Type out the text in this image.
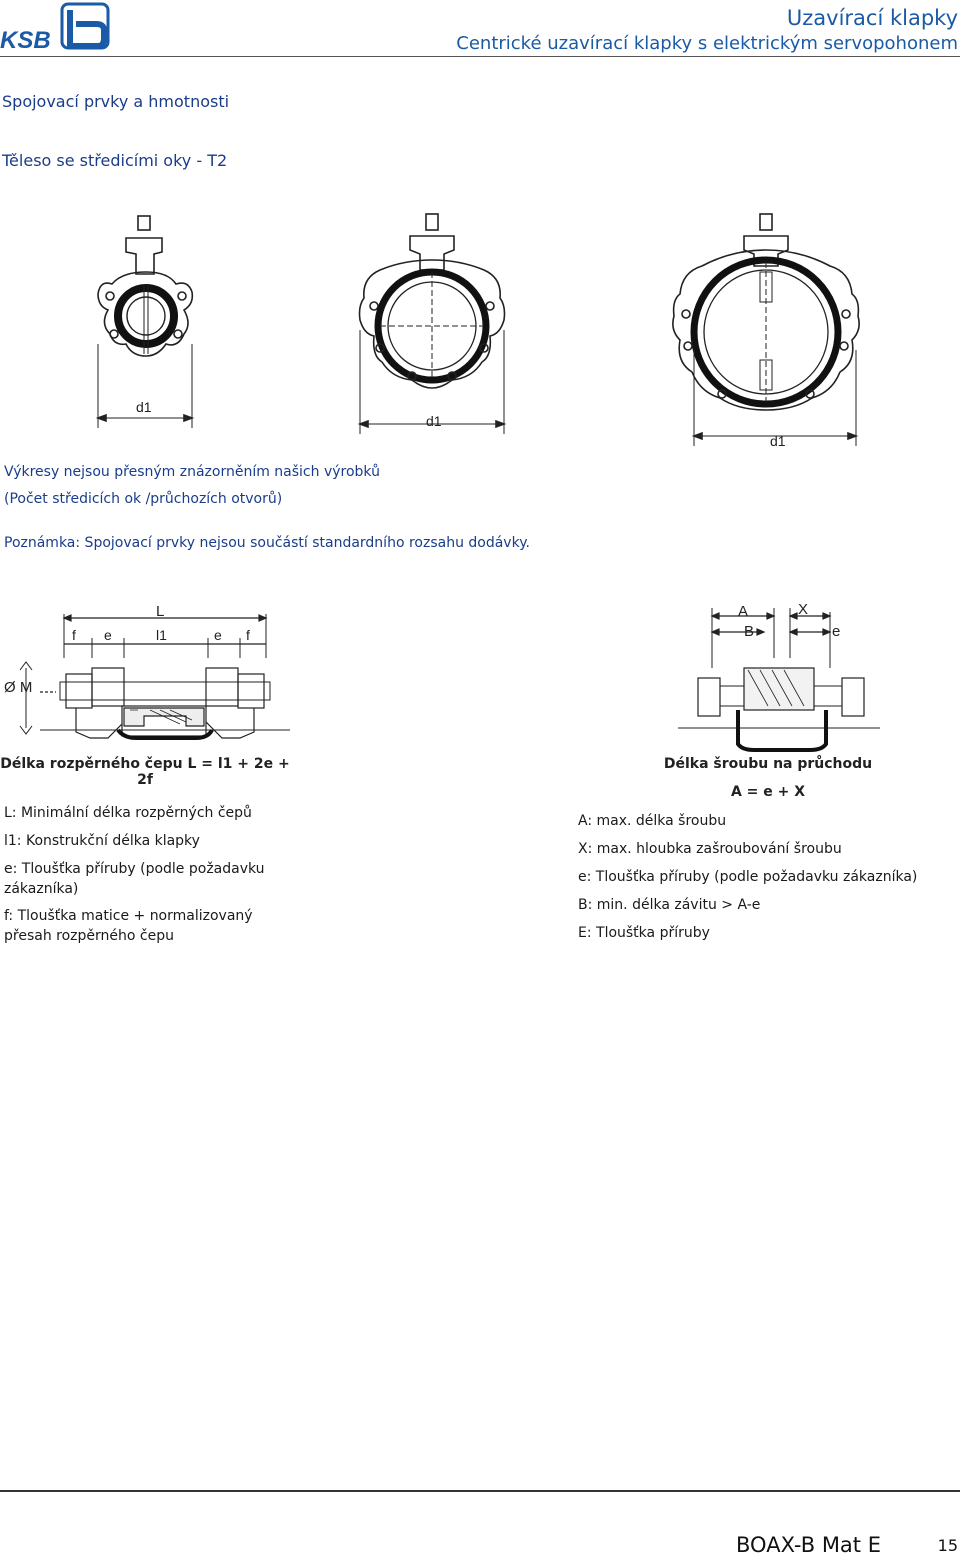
KSB
Uzavírací klapky
Centrické uzavírací klapky s elektrickým servopohonem
Spojovací prvky a hmotnosti
Těleso se středicími oky - T2
d1
d1
d1
Výkresy nejsou přesným znázorněním našich výrobků
(Počet středicích ok /průchozích otvorů)
Poznámka: Spojovací prvky nejsou součástí standardního rozsahu dodávky.
L
f e	l1	e f
Ø M
A	X
B	e
Délka rozpěrného čepu L = l1 + 2e +
2f
L: Minimální délka rozpěrných čepů
l1: Konstrukční délka klapky
e: Tloušťka příruby (podle požadavku zákazníka)
f: Tloušťka matice + normalizovaný přesah rozpěrného čepu
Délka šroubu na průchodu
A = e + X
A: max. délka šroubu
X: max. hloubka zašroubování šroubu
e: Tloušťka příruby (podle požadavku zákazníka)
B: min. délka závitu > A-e
E: Tloušťka příruby
BOAX-B Mat E	15
